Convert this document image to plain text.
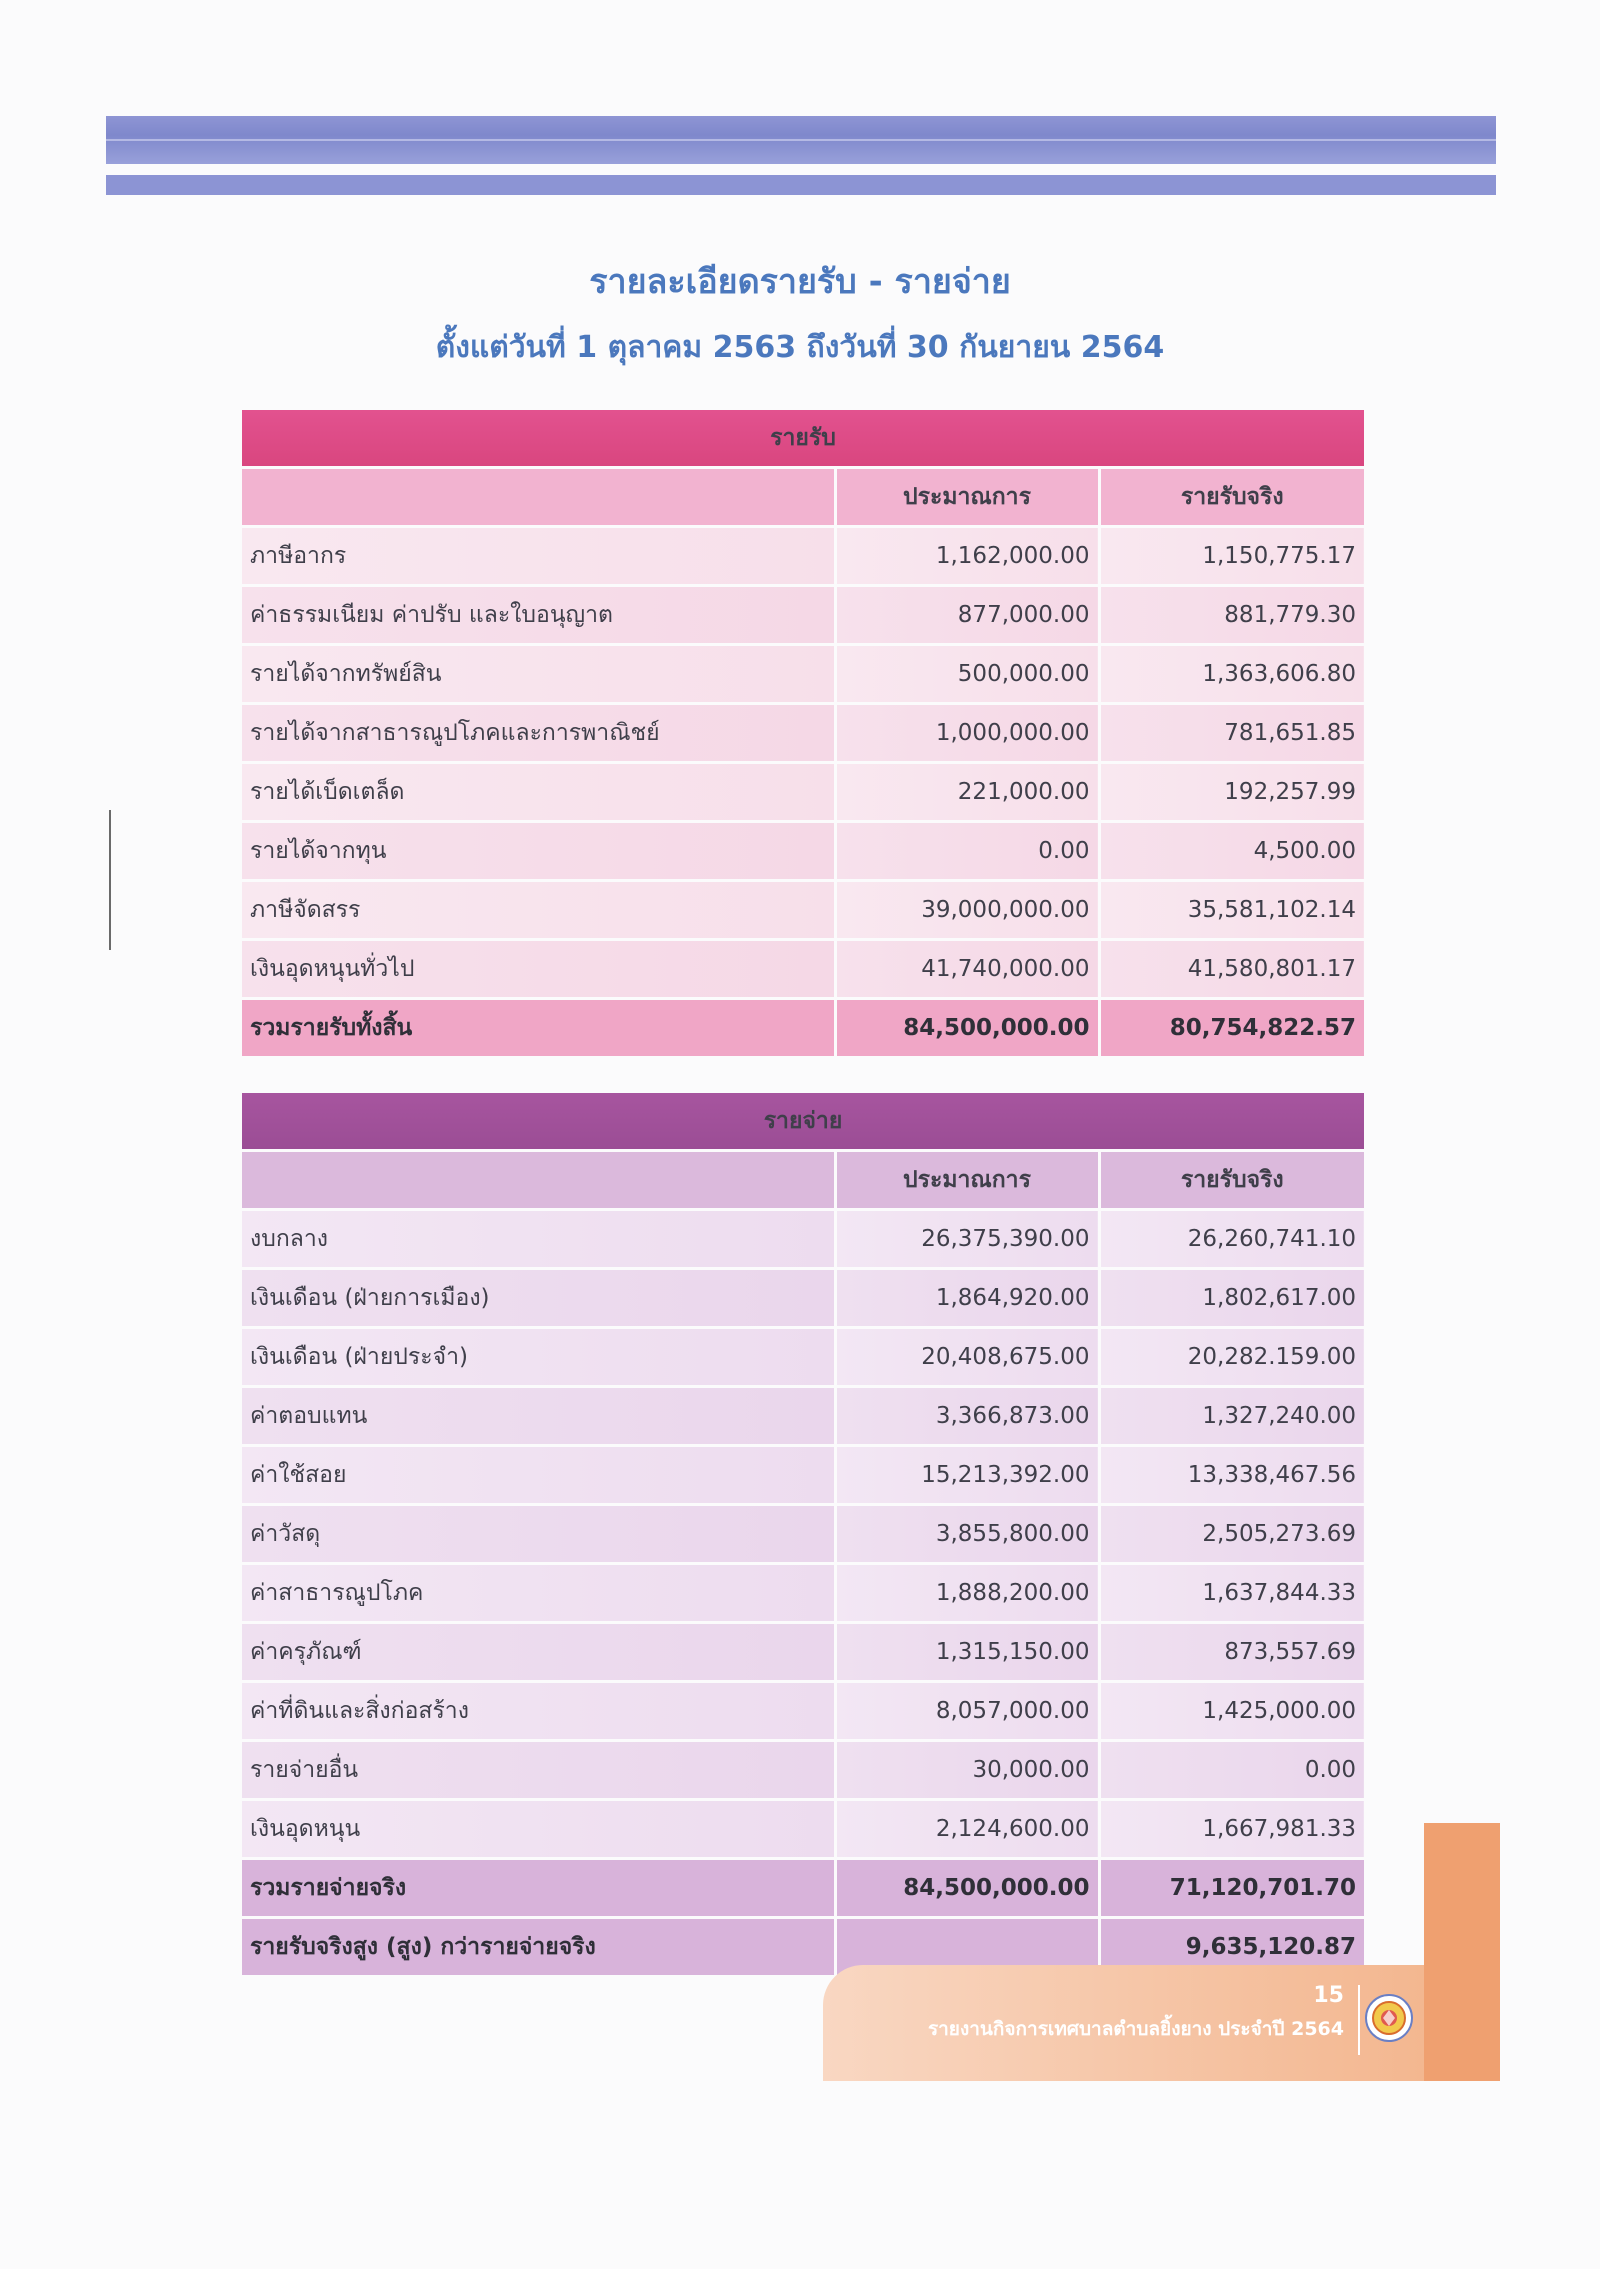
รายละเอียดรายรับ - รายจ่าย
ตั้งแต่วันที่ 1 ตุลาคม 2563 ถึงวันที่ 30 กันยายน 2564
รายรับ		
	ประมาณการ	รายรับจริง
ภาษีอากร	1,162,000.00	1,150,775.17
ค่าธรรมเนียม ค่าปรับ และใบอนุญาต	877,000.00	881,779.30
รายได้จากทรัพย์สิน	500,000.00	1,363,606.80
รายได้จากสาธารณูปโภคและการพาณิชย์	1,000,000.00	781,651.85
รายได้เบ็ดเตล็ด	221,000.00	192,257.99
รายได้จากทุน	0.00	4,500.00
ภาษีจัดสรร	39,000,000.00	35,581,102.14
เงินอุดหนุนทั่วไป	41,740,000.00	41,580,801.17
รวมรายรับทั้งสิ้น	84,500,000.00	80,754,822.57
รายจ่าย		
	ประมาณการ	รายรับจริง
งบกลาง	26,375,390.00	26,260,741.10
เงินเดือน (ฝ่ายการเมือง)	1,864,920.00	1,802,617.00
เงินเดือน (ฝ่ายประจำ)	20,408,675.00	20,282.159.00
ค่าตอบแทน	3,366,873.00	1,327,240.00
ค่าใช้สอย	15,213,392.00	13,338,467.56
ค่าวัสดุ	3,855,800.00	2,505,273.69
ค่าสาธารณูปโภค	1,888,200.00	1,637,844.33
ค่าครุภัณฑ์	1,315,150.00	873,557.69
ค่าที่ดินและสิ่งก่อสร้าง	8,057,000.00	1,425,000.00
รายจ่ายอื่น	30,000.00	0.00
เงินอุดหนุน	2,124,600.00	1,667,981.33
รวมรายจ่ายจริง	84,500,000.00	71,120,701.70
รายรับจริงสูง (สูง) กว่ารายจ่ายจริง		9,635,120.87
15
รายงานกิจการเทศบาลตำบลยิ้งยาง ประจำปี 2564
